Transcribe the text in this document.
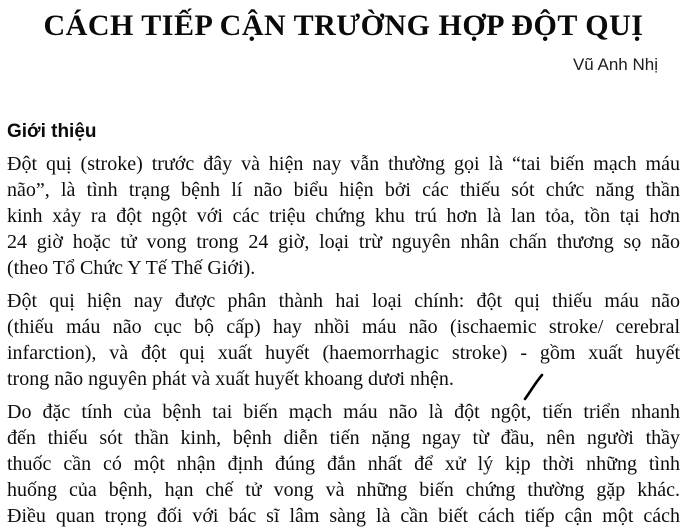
CÁCH TIẾP CẬN TRƯỜNG HỢP ĐỘT QUỊ
Vũ Anh Nhị
Giới thiệu
Đột quị (stroke) trước đây và hiện nay vẫn thường gọi là “tai biến mạch máu
não”, là tình trạng bệnh lí não biểu hiện bởi các thiếu sót chức năng thần
kinh xảy ra đột ngột với các triệu chứng khu trú hơn là lan tỏa, tồn tại hơn
24 giờ hoặc tử vong trong 24 giờ, loại trừ nguyên nhân chấn thương sọ não
(theo Tổ Chức Y Tế Thế Giới).
Đột quị hiện nay được phân thành hai loại chính: đột quị thiếu máu não
(thiếu máu não cục bộ cấp) hay nhồi máu não (ischaemic stroke/ cerebral
infarction), và đột quị xuất huyết (haemorrhagic stroke) - gồm xuất huyết
trong não nguyên phát và xuất huyết khoang dươi nhện.
Do đặc tính của bệnh tai biến mạch máu não là đột ngột, tiến triển nhanh
đến thiếu sót thần kinh, bệnh diễn tiến nặng ngay từ đầu, nên người thầy
thuốc cần có một nhận định đúng đắn nhất để xử lý kịp thời những tình
huống của bệnh, hạn chế tử vong và những biến chứng thường gặp khác.
Điều quan trọng đối với bác sĩ lâm sàng là cần biết cách tiếp cận một cách
